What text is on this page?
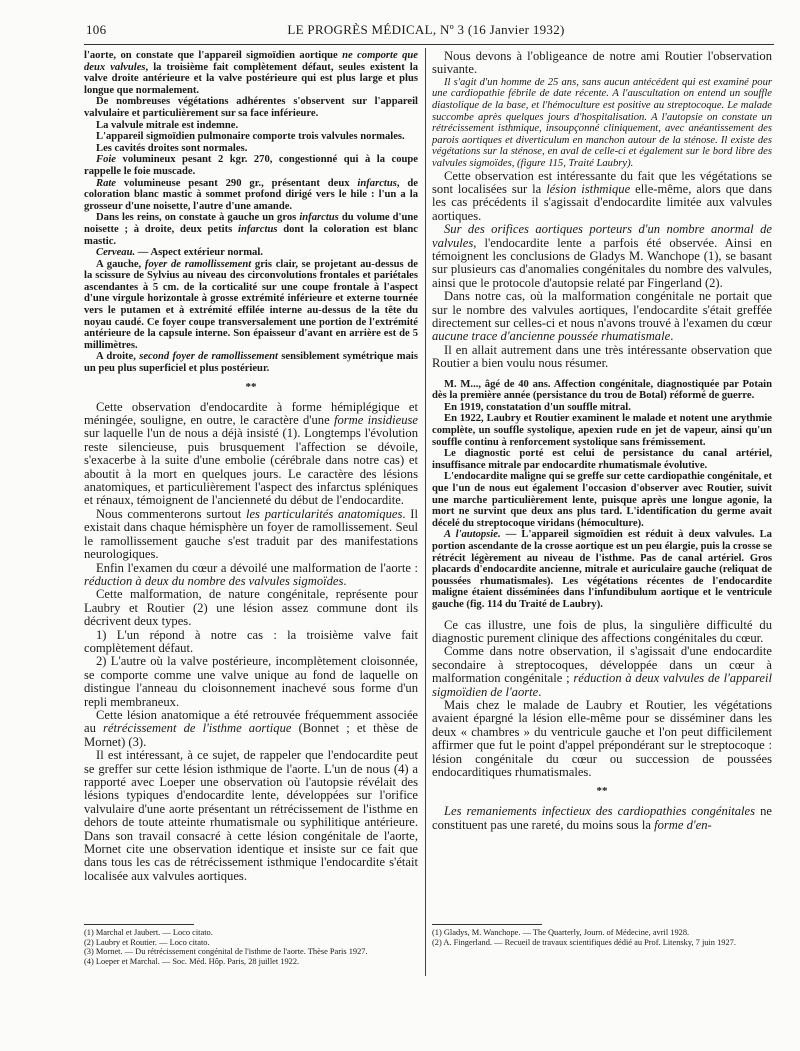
106	LE PROGRÈS MÉDICAL, Nº 3 (16 Janvier 1932)

l'aorte, on constate que l'appareil sigmoïdien aortique ne comporte que deux valvules, la troisième fait complètement défaut, seules existent la valve droite antérieure et la valve postérieure qui est plus large et plus longue que normalement.

De nombreuses végétations adhérentes s'observent sur l'appareil valvulaire et particulièrement sur sa face inférieure.

La valvule mitrale est indemne.

L'appareil sigmoïdien pulmonaire comporte trois valvules normales.

Les cavités droites sont normales.

Foie volumineux pesant 2 kgr. 270, congestionné qui à la coupe rappelle le foie muscade.

Rate volumineuse pesant 290 gr., présentant deux infarctus, de coloration blanc mastic à sommet profond dirigé vers le hile : l'un a la grosseur d'une noisette, l'autre d'une amande.

Dans les reins, on constate à gauche un gros infarctus du volume d'une noisette ; à droite, deux petits infarctus dont la coloration est blanc mastic.

Cerveau. — Aspect extérieur normal.

A gauche, foyer de ramollissement gris clair, se projetant au-dessus de la scissure de Sylvius au niveau des circonvolutions frontales et pariétales ascendantes à 5 cm. de la corticalité sur une coupe frontale à l'aspect d'une virgule horizontale à grosse extrémité inférieure et externe tournée vers le putamen et à extrémité effilée interne au-dessus de la tête du noyau caudé. Ce foyer coupe transversalement une portion de l'extrémité antérieure de la capsule interne. Son épaisseur d'avant en arrière est de 5 millimètres.

A droite, second foyer de ramollissement sensiblement symétrique mais un peu plus superficiel et plus postérieur.

**

Cette observation d'endocardite à forme hémiplégique et méningée, souligne, en outre, le caractère d'une forme insidieuse sur laquelle l'un de nous a déjà insisté (1). Longtemps l'évolution reste silencieuse, puis brusquement l'affection se dévoile, s'exacerbe à la suite d'une embolie (cérébrale dans notre cas) et aboutit à la mort en quelques jours. Le caractère des lésions anatomiques, et particulièrement l'aspect des infarctus spléniques et rénaux, témoignent de l'ancienneté du début de l'endocardite.

Nous commenterons surtout les particularités anatomiques. Il existait dans chaque hémisphère un foyer de ramollissement. Seul le ramollissement gauche s'est traduit par des manifestations neurologiques.

Enfin l'examen du cœur a dévoilé une malformation de l'aorte : réduction à deux du nombre des valvules sigmoïdes.

Cette malformation, de nature congénitale, représente pour Laubry et Routier (2) une lésion assez commune dont ils décrivent deux types.

1) L'un répond à notre cas : la troisième valve fait complètement défaut.

2) L'autre où la valve postérieure, incomplètement cloisonnée, se comporte comme une valve unique au fond de laquelle on distingue l'anneau du cloisonnement inachevé sous forme d'un repli membraneux.

Cette lésion anatomique a été retrouvée fréquemment associée au rétrécissement de l'isthme aortique (Bonnet ; et thèse de Mornet) (3).

Il est intéressant, à ce sujet, de rappeler que l'endocardite peut se greffer sur cette lésion isthmique de l'aorte. L'un de nous (4) a rapporté avec Loeper une observation où l'autopsie révélait des lésions typiques d'endocardite lente, développées sur l'orifice valvulaire d'une aorte présentant un rétrécissement de l'isthme en dehors de toute atteinte rhumatismale ou syphilitique antérieure. Dans son travail consacré à cette lésion congénitale de l'aorte, Mornet cite une observation identique et insiste sur ce fait que dans tous les cas de rétrécissement isthmique l'endocardite s'était localisée aux valvules aortiques.

(1) Marchal et Jaubert. — Loco citato.

(2) Laubry et Routier. — Loco citato.

(3) Mornet. — Du rétrécissement congénital de l'isthme de l'aorte. Thèse Paris 1927.

(4) Loeper et Marchal. — Soc. Méd. Hôp. Paris, 28 juillet 1922.

Nous devons à l'obligeance de notre ami Routier l'observation suivante.

Il s'agit d'un homme de 25 ans, sans aucun antécédent qui est examiné pour une cardiopathie fébrile de date récente. A l'auscultation on entend un souffle diastolique de la base, et l'hémoculture est positive au streptocoque. Le malade succombe après quelques jours d'hospitalisation. A l'autopsie on constate un rétrécissement isthmique, insoupçonné cliniquement, avec anéantissement des parois aortiques et diverticulum en manchon autour de la sténose. Il existe des végétations sur la sténose, en aval de celle-ci et également sur le bord libre des valvules sigmoïdes, (figure 115, Traité Laubry).

Cette observation est intéressante du fait que les végétations se sont localisées sur la lésion isthmique elle-même, alors que dans les cas précédents il s'agissait d'endocardite limitée aux valvules aortiques.

Sur des orifices aortiques porteurs d'un nombre anormal de valvules, l'endocardite lente a parfois été observée. Ainsi en témoignent les conclusions de Gladys M. Wanchope (1), se basant sur plusieurs cas d'anomalies congénitales du nombre des valvules, ainsi que le protocole d'autopsie relaté par Fingerland (2).

Dans notre cas, où la malformation congénitale ne portait que sur le nombre des valvules aortiques, l'endocardite s'était greffée directement sur celles-ci et nous n'avons trouvé à l'examen du cœur aucune trace d'ancienne poussée rhumatismale.

Il en allait autrement dans une très intéressante observation que Routier a bien voulu nous résumer.

M. M..., âgé de 40 ans. Affection congénitale, diagnostiquée par Potain dès la première année (persistance du trou de Botal) réformé de guerre.

En 1919, constatation d'un souffle mitral.

En 1922, Laubry et Routier examinent le malade et notent une arythmie complète, un souffle systolique, apexien rude en jet de vapeur, ainsi qu'un souffle continu à renforcement systolique sans frémissement.

Le diagnostic porté est celui de persistance du canal artériel, insuffisance mitrale par endocardite rhumatismale évolutive.

L'endocardite maligne qui se greffe sur cette cardiopathie congénitale, et que l'un de nous eut également l'occasion d'observer avec Routier, suivit une marche particulièrement lente, puisque après une longue agonie, la mort ne survint que deux ans plus tard. L'identification du germe avait décelé du streptocoque viridans (hémoculture).

A l'autopsie. — L'appareil sigmoïdien est réduit à deux valvules. La portion ascendante de la crosse aortique est un peu élargie, puis la crosse se rétrécit légèrement au niveau de l'isthme. Pas de canal artériel. Gros placards d'endocardite ancienne, mitrale et auriculaire gauche (reliquat de poussées rhumatismales). Les végétations récentes de l'endocardite maligne étaient disséminées dans l'infundibulum aortique et le ventricule gauche (fig. 114 du Traité de Laubry).

Ce cas illustre, une fois de plus, la singulière difficulté du diagnostic purement clinique des affections congénitales du cœur.

Comme dans notre observation, il s'agissait d'une endocardite secondaire à streptocoques, développée dans un cœur à malformation congénitale ; réduction à deux valvules de l'appareil sigmoïdien de l'aorte.

Mais chez le malade de Laubry et Routier, les végétations avaient épargné la lésion elle-même pour se disséminer dans les deux « chambres » du ventricule gauche et l'on peut difficilement affirmer que fut le point d'appel prépondérant sur le streptocoque : lésion congénitale du cœur ou succession de poussées endocarditiques rhumatismales.

**

Les remaniements infectieux des cardiopathies congénitales ne constituent pas une rareté, du moins sous la forme d'en-

(1) Gladys, M. Wanchope. — The Quarterly, Journ. of Médecine, avril 1928.

(2) A. Fingerland. — Recueil de travaux scientifiques dédié au Prof. Litensky, 7 juin 1927.
